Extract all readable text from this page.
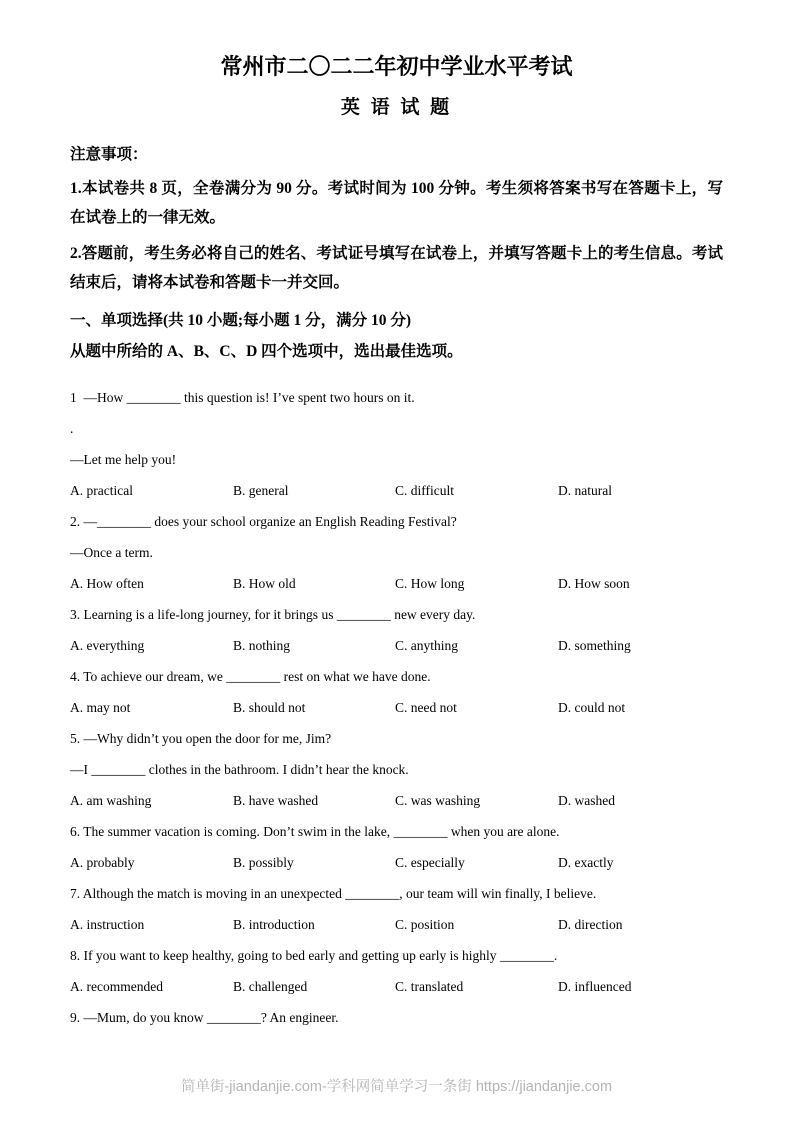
常州市二〇二二年初中学业水平考试
英 语 试 题

注意事项：

1.本试卷共 8 页，全卷满分为 90 分。考试时间为 100 分钟。考生须将答案书写在答题卡上，写在试卷上的一律无效。

2.答题前，考生务必将自己的姓名、考试证号填写在试卷上，并填写答题卡上的考生信息。考试结束后，请将本试卷和答题卡一并交回。

一、单项选择(共 10 小题;每小题 1 分，满分 10 分)

从题中所给的 A、B、C、D 四个选项中，选出最佳选项。

1  —How ________ this question is! I’ve spent two hours on it.
.
—Let me help you!
A. practical	B. general	C. difficult	D. natural
2. —________ does your school organize an English Reading Festival?
—Once a term.
A. How often	B. How old	C. How long	D. How soon
3. Learning is a life-long journey, for it brings us ________ new every day.
A. everything	B. nothing	C. anything	D. something
4. To achieve our dream, we ________ rest on what we have done.
A. may not	B. should not	C. need not	D. could not
5. —Why didn’t you open the door for me, Jim?
—I ________ clothes in the bathroom. I didn’t hear the knock.
A. am washing	B. have washed	C. was washing	D. washed
6. The summer vacation is coming. Don’t swim in the lake, ________ when you are alone.
A. probably	B. possibly	C. especially	D. exactly
7. Although the match is moving in an unexpected ________, our team will win finally, I believe.
A. instruction	B. introduction	C. position	D. direction
8. If you want to keep healthy, going to bed early and getting up early is highly ________.
A. recommended	B. challenged	C. translated	D. influenced
9. —Mum, do you know ________? An engineer.
简单街-jiandanjie.com-学科网简单学习一条街 https://jiandanjie.com
